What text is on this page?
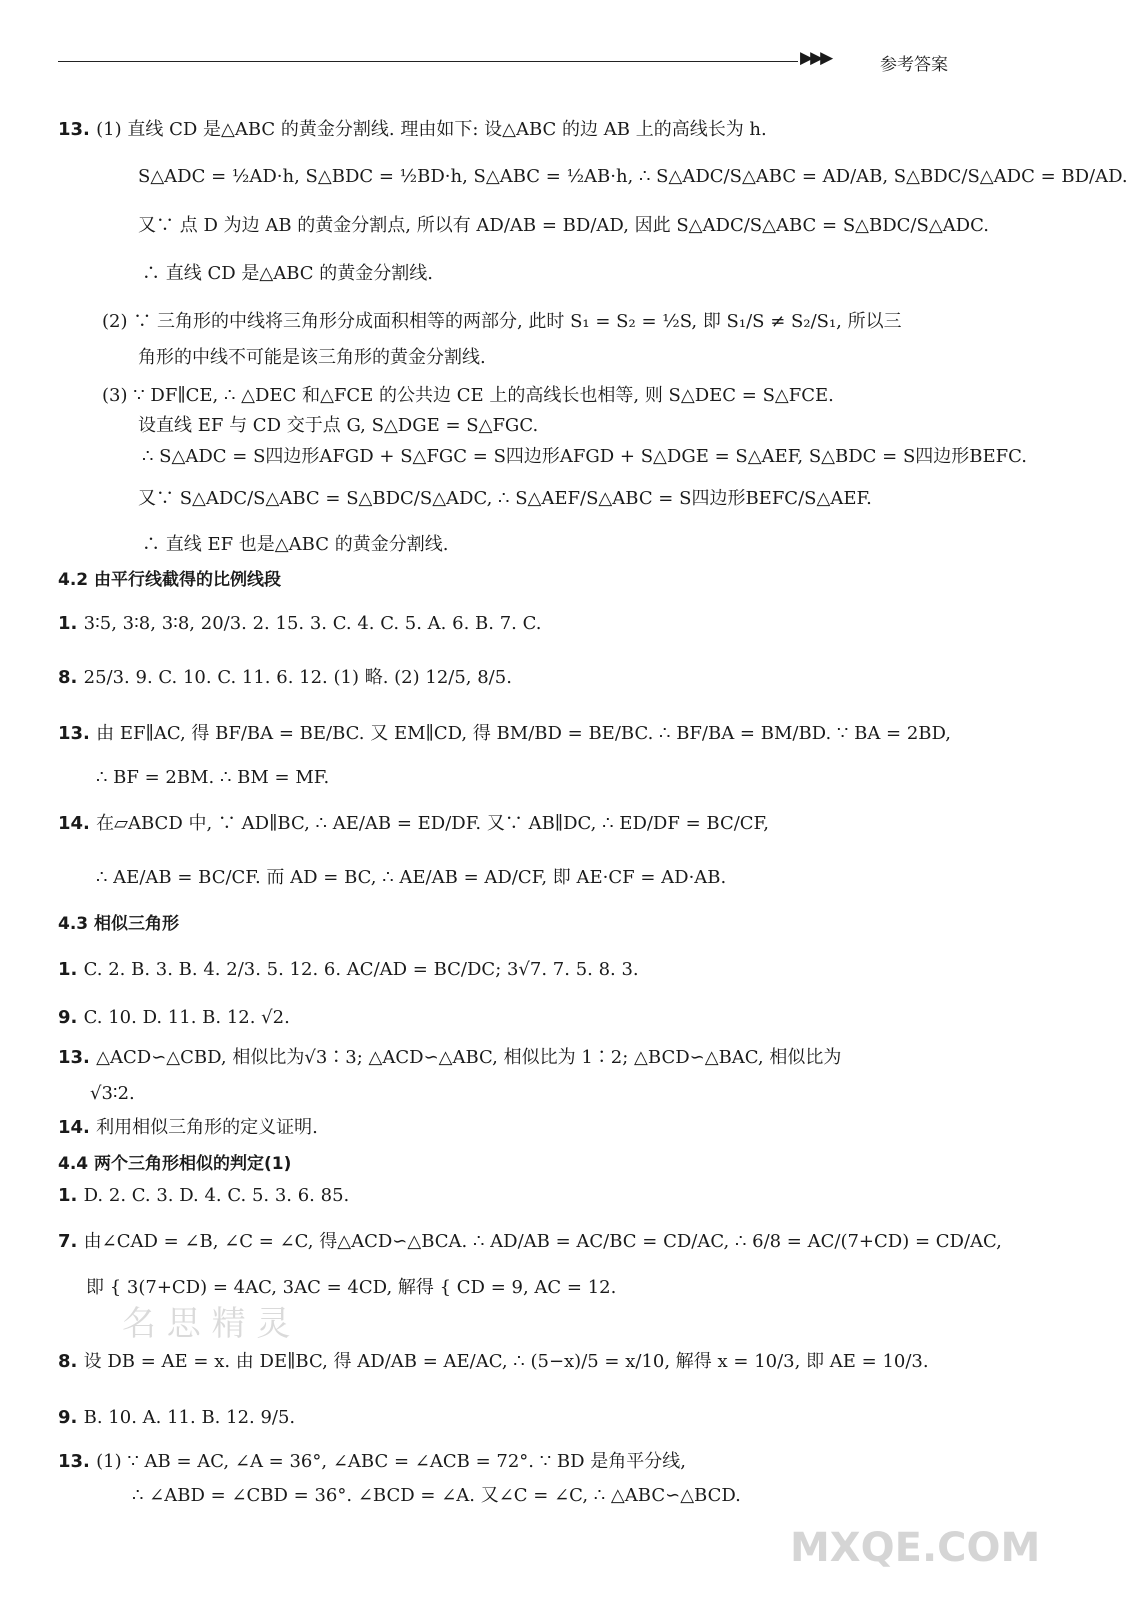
▶▶▶	参考答案
13. (1) 直线 CD 是△ABC 的黄金分割线. 理由如下: 设△ABC 的边 AB 上的高线长为 h.
S△ADC = ½AD·h, S△BDC = ½BD·h, S△ABC = ½AB·h, ∴ S△ADC/S△ABC = AD/AB, S△BDC/S△ADC = BD/AD.
又∵ 点 D 为边 AB 的黄金分割点, 所以有 AD/AB = BD/AD, 因此 S△ADC/S△ABC = S△BDC/S△ADC.
∴ 直线 CD 是△ABC 的黄金分割线.
(2) ∵ 三角形的中线将三角形分成面积相等的两部分, 此时 S₁ = S₂ = ½S, 即 S₁/S ≠ S₂/S₁, 所以三
角形的中线不可能是该三角形的黄金分割线.
(3) ∵ DF∥CE, ∴ △DEC 和△FCE 的公共边 CE 上的高线长也相等, 则 S△DEC = S△FCE.
设直线 EF 与 CD 交于点 G, S△DGE = S△FGC.
∴ S△ADC = S四边形AFGD + S△FGC = S四边形AFGD + S△DGE = S△AEF, S△BDC = S四边形BEFC.
又∵ S△ADC/S△ABC = S△BDC/S△ADC, ∴ S△AEF/S△ABC = S四边形BEFC/S△AEF.
∴ 直线 EF 也是△ABC 的黄金分割线.
4.2 由平行线截得的比例线段
1. 3∶5, 3∶8, 3∶8, 20/3. 2. 15. 3. C. 4. C. 5. A. 6. B. 7. C.
8. 25/3. 9. C. 10. C. 11. 6. 12. (1) 略. (2) 12/5, 8/5.
13. 由 EF∥AC, 得 BF/BA = BE/BC. 又 EM∥CD, 得 BM/BD = BE/BC. ∴ BF/BA = BM/BD. ∵ BA = 2BD,
∴ BF = 2BM. ∴ BM = MF.
14. 在▱ABCD 中, ∵ AD∥BC, ∴ AE/AB = ED/DF. 又∵ AB∥DC, ∴ ED/DF = BC/CF,
∴ AE/AB = BC/CF. 而 AD = BC, ∴ AE/AB = AD/CF, 即 AE·CF = AD·AB.
4.3 相似三角形
1. C. 2. B. 3. B. 4. 2/3. 5. 12. 6. AC/AD = BC/DC; 3√7. 7. 5. 8. 3.
9. C. 10. D. 11. B. 12. √2.
13. △ACD∽△CBD, 相似比为√3∶3; △ACD∽△ABC, 相似比为 1∶2; △BCD∽△BAC, 相似比为
√3∶2.
14. 利用相似三角形的定义证明.
4.4 两个三角形相似的判定(1)
1. D. 2. C. 3. D. 4. C. 5. 3. 6. 85.
7. 由∠CAD = ∠B, ∠C = ∠C, 得△ACD∽△BCA. ∴ AD/AB = AC/BC = CD/AC, ∴ 6/8 = AC/(7+CD) = CD/AC,
即 { 3(7+CD) = 4AC, 3AC = 4CD, 解得 { CD = 9, AC = 12.
8. 设 DB = AE = x. 由 DE∥BC, 得 AD/AB = AE/AC, ∴ (5−x)/5 = x/10, 解得 x = 10/3, 即 AE = 10/3.
9. B. 10. A. 11. B. 12. 9/5.
13. (1) ∵ AB = AC, ∠A = 36°, ∠ABC = ∠ACB = 72°. ∵ BD 是角平分线,
∴ ∠ABD = ∠CBD = 36°. ∠BCD = ∠A. 又∠C = ∠C, ∴ △ABC∽△BCD.
名 思 精 灵
MXQE.COM
